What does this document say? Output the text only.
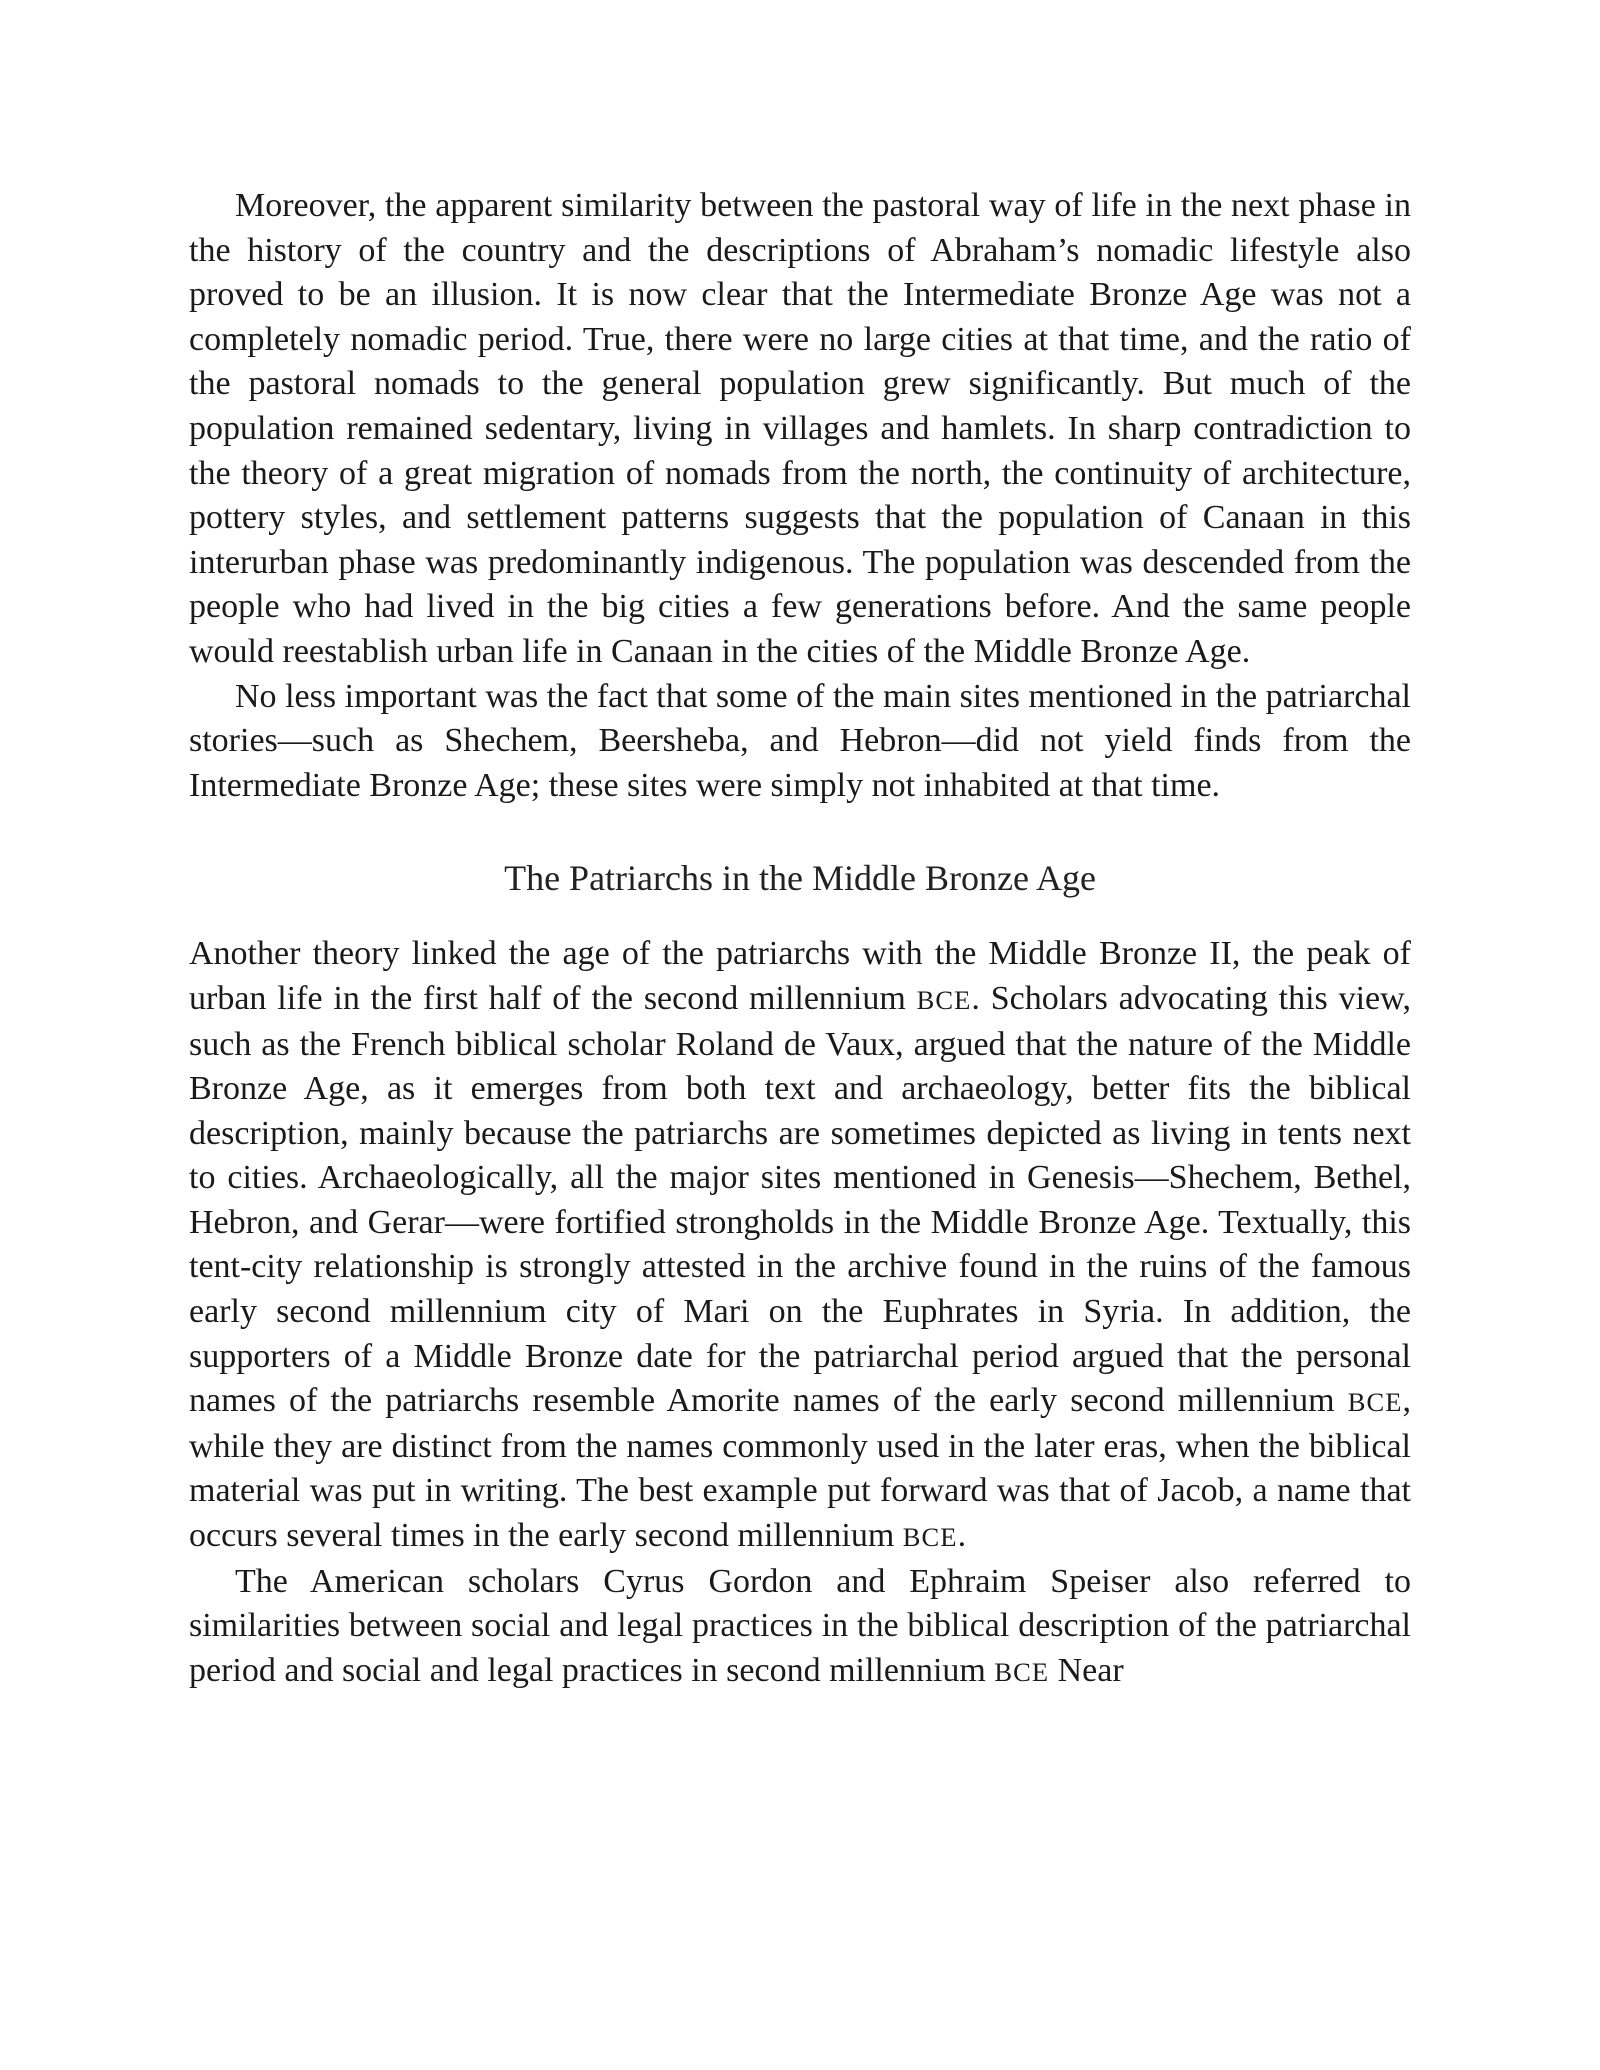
Moreover, the apparent similarity between the pastoral way of life in the next phase in the history of the country and the descriptions of Abraham’s nomadic lifestyle also proved to be an illusion. It is now clear that the Intermediate Bronze Age was not a completely nomadic period. True, there were no large cities at that time, and the ratio of the pastoral nomads to the general population grew significantly. But much of the population remained sedentary, living in villages and hamlets. In sharp contradiction to the theory of a great migration of nomads from the north, the continuity of architecture, pottery styles, and settlement patterns suggests that the population of Canaan in this interurban phase was predominantly indigenous. The population was descended from the people who had lived in the big cities a few generations before. And the same people would reestablish urban life in Canaan in the cities of the Middle Bronze Age.

No less important was the fact that some of the main sites mentioned in the patriarchal stories—such as Shechem, Beersheba, and Hebron—did not yield finds from the Intermediate Bronze Age; these sites were simply not inhabited at that time.

The Patriarchs in the Middle Bronze Age

Another theory linked the age of the patriarchs with the Middle Bronze II, the peak of urban life in the first half of the second millennium BCE. Scholars advocating this view, such as the French biblical scholar Roland de Vaux, argued that the nature of the Middle Bronze Age, as it emerges from both text and archaeology, better fits the biblical description, mainly because the patriarchs are sometimes depicted as living in tents next to cities. Archaeologically, all the major sites mentioned in Genesis—Shechem, Bethel, Hebron, and Gerar—were fortified strongholds in the Middle Bronze Age. Textually, this tent-city relationship is strongly attested in the archive found in the ruins of the famous early second millennium city of Mari on the Euphrates in Syria. In addition, the supporters of a Middle Bronze date for the patriarchal period argued that the personal names of the patriarchs resemble Amorite names of the early second millennium BCE, while they are distinct from the names commonly used in the later eras, when the biblical material was put in writing. The best example put forward was that of Jacob, a name that occurs several times in the early second millennium BCE.

The American scholars Cyrus Gordon and Ephraim Speiser also referred to similarities between social and legal practices in the biblical description of the patriarchal period and social and legal practices in second millennium BCE Near
